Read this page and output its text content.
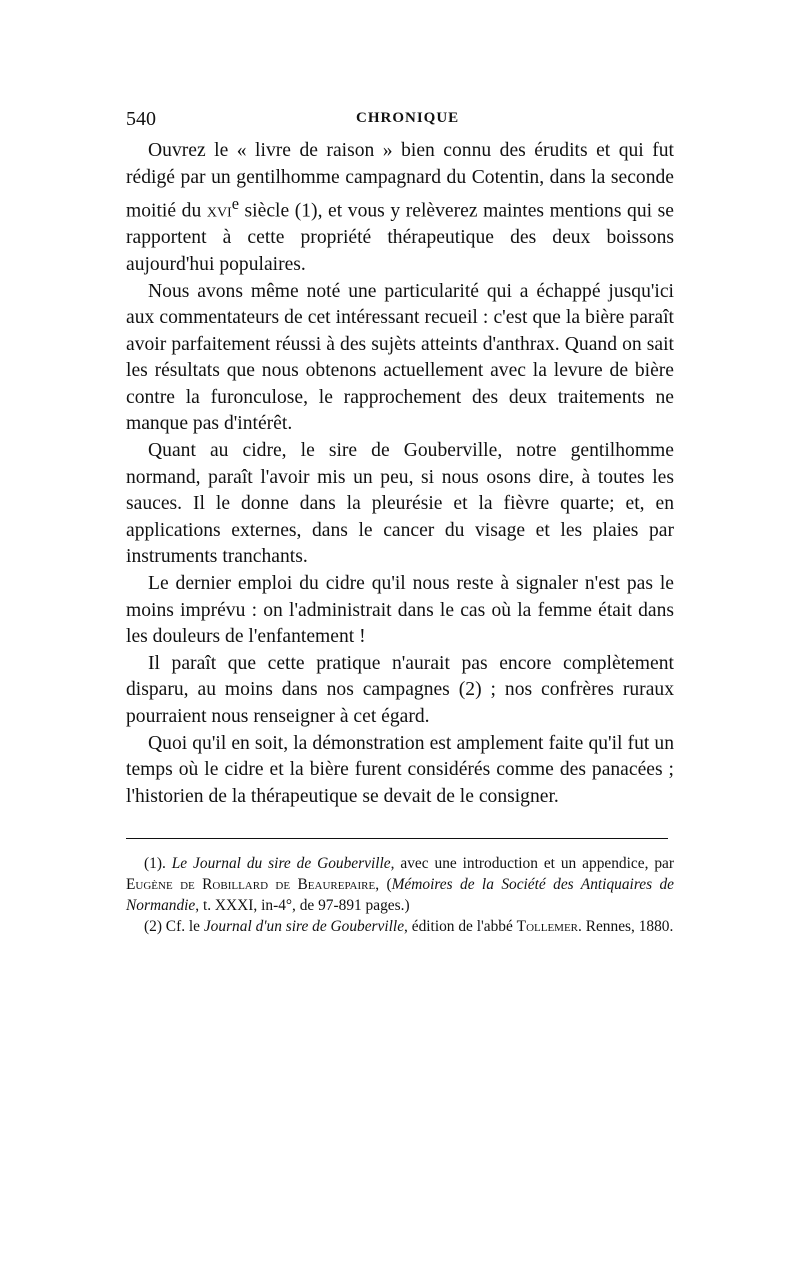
540	CHRONIQUE

Ouvrez le « livre de raison » bien connu des érudits et qui fut rédigé par un gentilhomme campagnard du Cotentin, dans la seconde moitié du xvi$^e$ siècle (1), et vous y relèverez maintes mentions qui se rapportent à cette propriété thérapeutique des deux boissons aujourd'hui populaires.

Nous avons même noté une particularité qui a échappé jusqu'ici aux commentateurs de cet intéressant recueil : c'est que la bière paraît avoir parfaitement réussi à des sujèts atteints d'anthrax. Quand on sait les résultats que nous obtenons actuellement avec la levure de bière contre la furonculose, le rapprochement des deux traitements ne manque pas d'intérêt.

Quant au cidre, le sire de Gouberville, notre gentilhomme normand, paraît l'avoir mis un peu, si nous osons dire, à toutes les sauces. Il le donne dans la pleurésie et la fièvre quarte; et, en applications externes, dans le cancer du visage et les plaies par instruments tranchants.

Le dernier emploi du cidre qu'il nous reste à signaler n'est pas le moins imprévu : on l'administrait dans le cas où la femme était dans les douleurs de l'enfantement !

Il paraît que cette pratique n'aurait pas encore complètement disparu, au moins dans nos campagnes (2) ; nos confrères ruraux pourraient nous renseigner à cet égard.

Quoi qu'il en soit, la démonstration est amplement faite qu'il fut un temps où le cidre et la bière furent considérés comme des panacées ; l'historien de la thérapeutique se devait de le consigner.

(1). Le Journal du sire de Gouberville, avec une introduction et un appendice, par Eugène de Robillard de Beaurepaire, (Mémoires de la Société des Antiquaires de Normandie, t. XXXI, in-4°, de 97-891 pages.)

(2) Cf. le Journal d'un sire de Gouberville, édition de l'abbé Tollemer. Rennes, 1880.
